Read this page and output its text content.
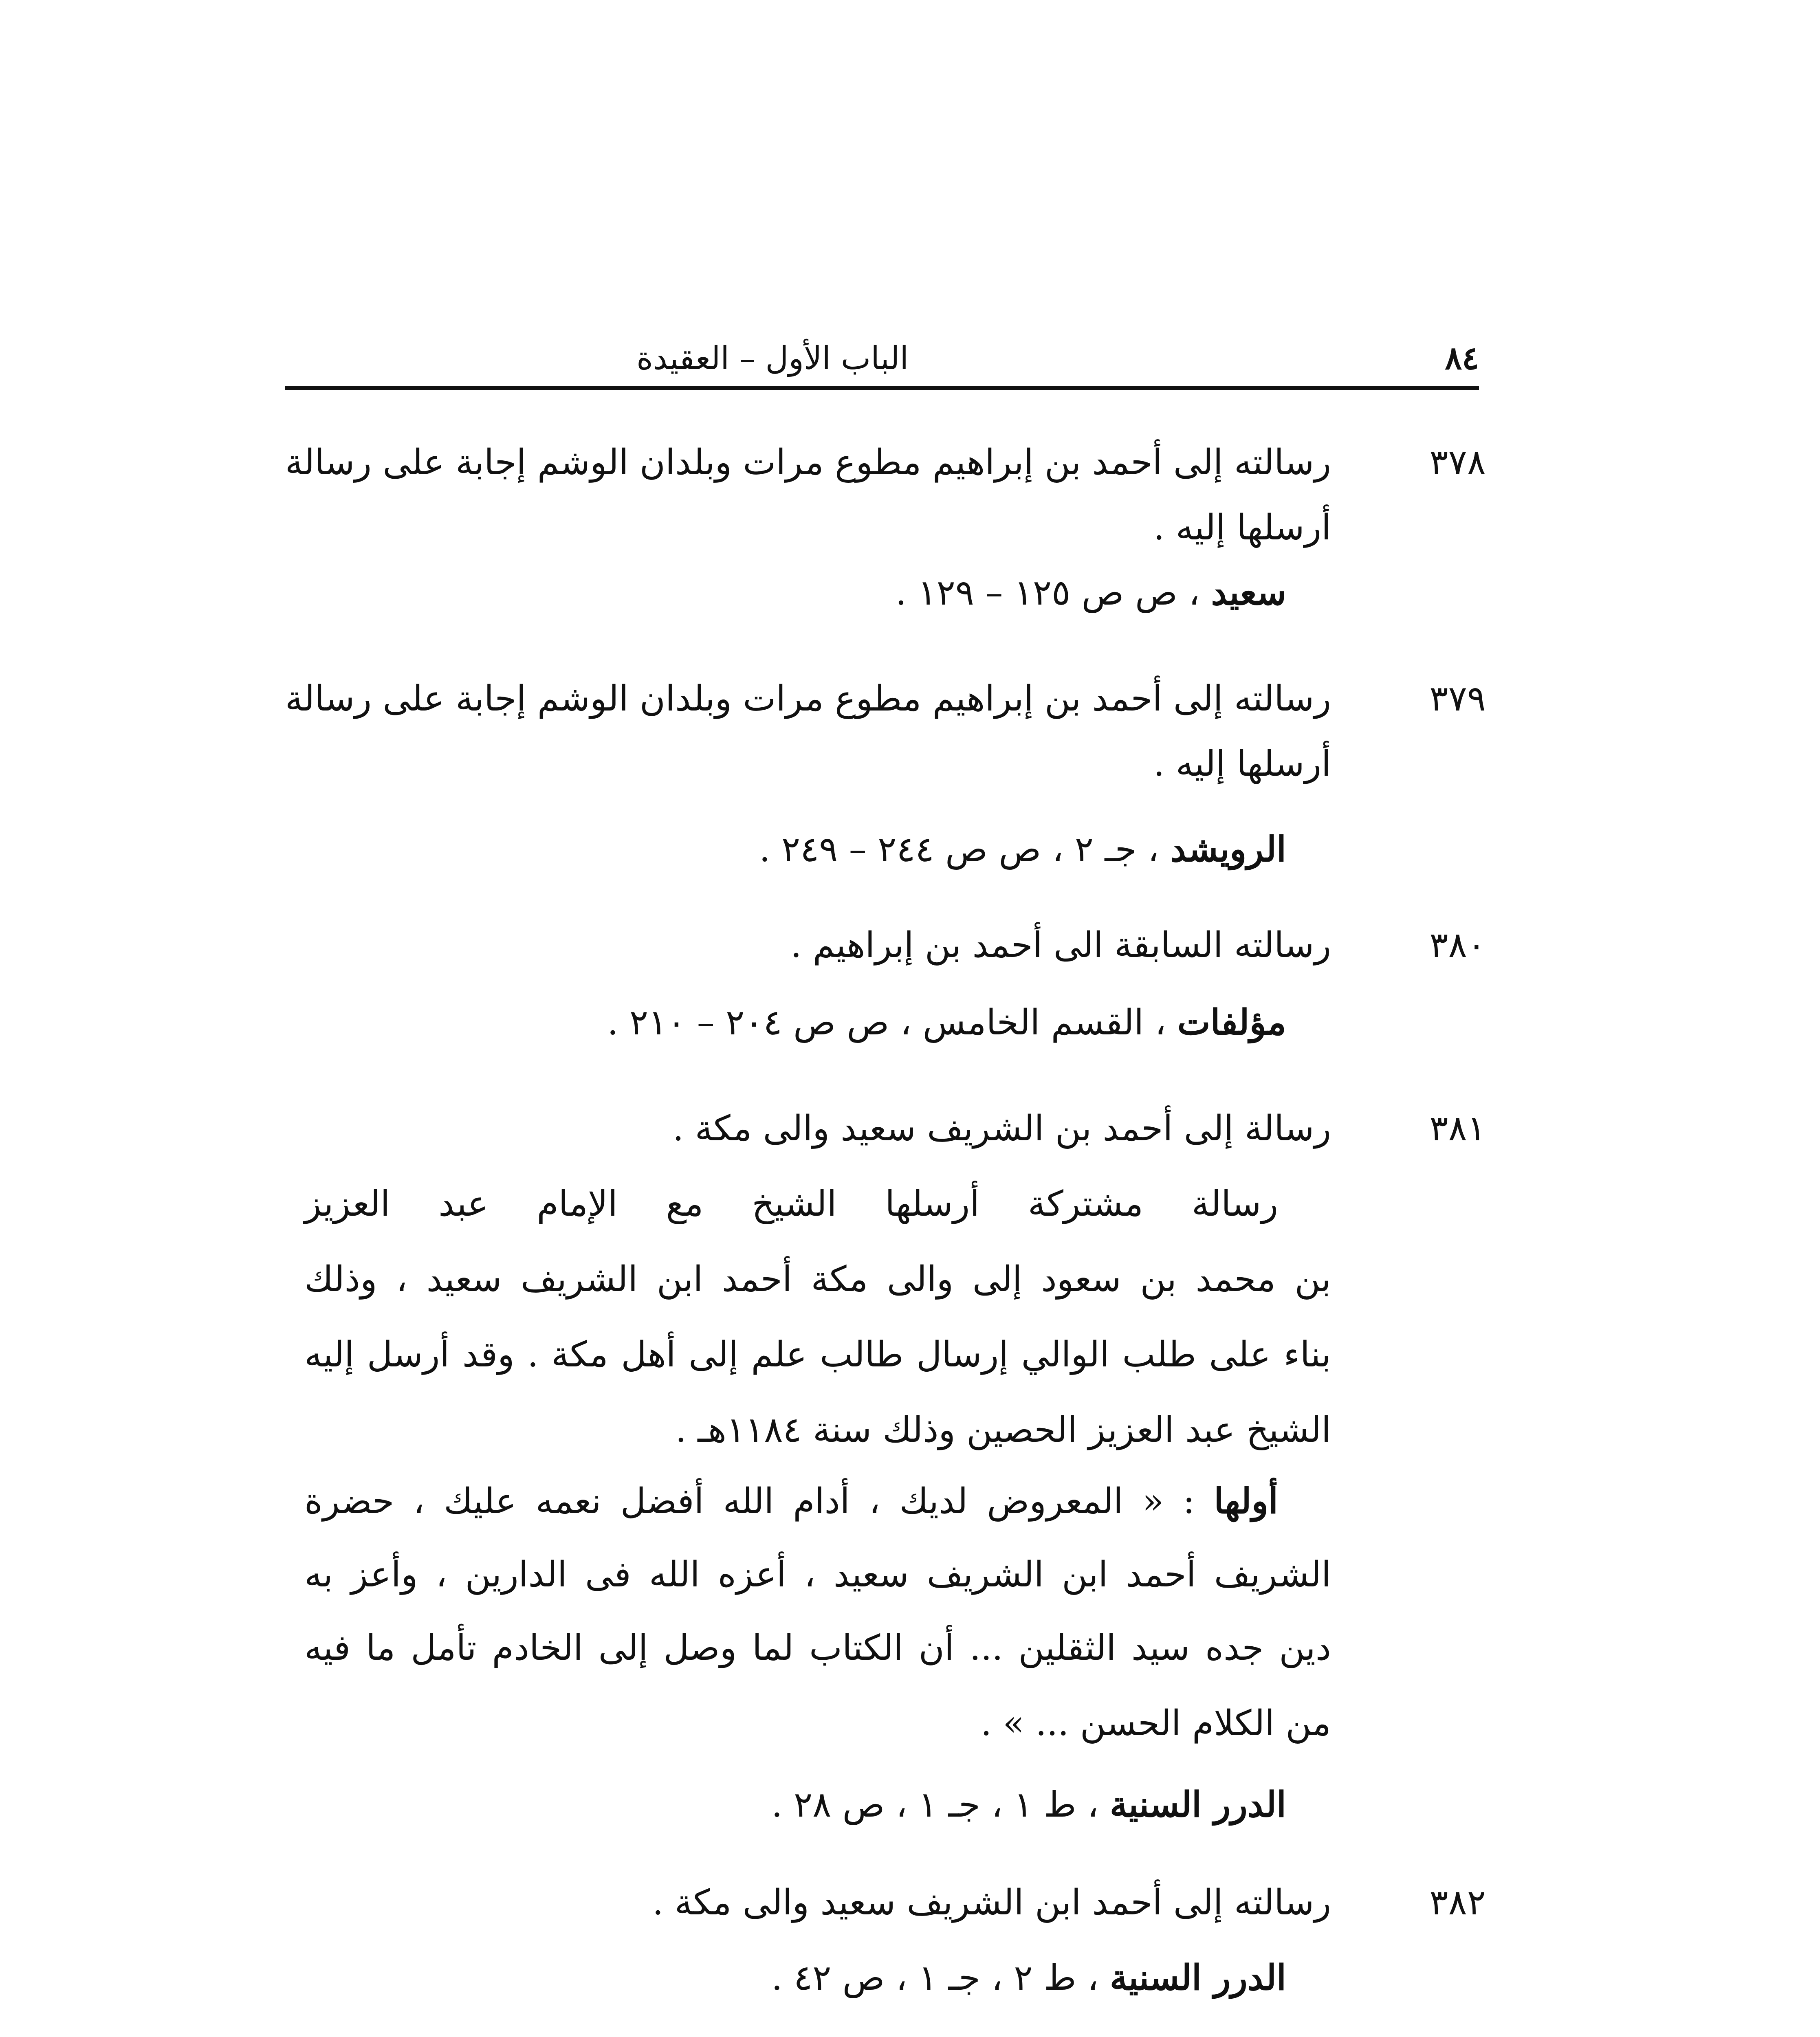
الباب الأول – العقيدة	٨٤
٣٧٨
رسالته إلى أحمد بن إبراهيم مطوع مرات وبلدان الوشم إجابة على رسالة
أرسلها إليه .
سعيد ، ص ص ١٢٥ – ١٢٩ .
٣٧٩
رسالته إلى أحمد بن إبراهيم مطوع مرات وبلدان الوشم إجابة على رسالة
أرسلها إليه .
الرويشد ، جـ ٢ ، ص ص ٢٤٤ – ٢٤٩ .
٣٨٠
رسالته السابقة الى أحمد بن إبراهيم .
مؤلفات ، القسم الخامس ، ص ص ٢٠٤ – ٢١٠ .
٣٨١
رسالة إلى أحمد بن الشريف سعيد والى مكة .
رسالة مشتركة أرسلها الشيخ مع الإمام عبد العزيز
بن محمد بن سعود إلى والى مكة أحمد ابن الشريف سعيد ، وذلك
بناء على طلب الوالي إرسال طالب علم إلى أهل مكة . وقد أرسل إليه
الشيخ عبد العزيز الحصين وذلك سنة ١١٨٤هـ .
أولها : « المعروض لديك ، أدام الله أفضل نعمه عليك ، حضرة
الشريف أحمد ابن الشريف سعيد ، أعزه الله فى الدارين ، وأعز به
دين جده سيد الثقلين ... أن الكتاب لما وصل إلى الخادم تأمل ما فيه
من الكلام الحسن ... » .
الدرر السنية ، ط ١ ، جـ ١ ، ص ٢٨ .
٣٨٢
رسالته إلى أحمد ابن الشريف سعيد والى مكة .
الدرر السنية ، ط ٢ ، جـ ١ ، ص ٤٢ .
